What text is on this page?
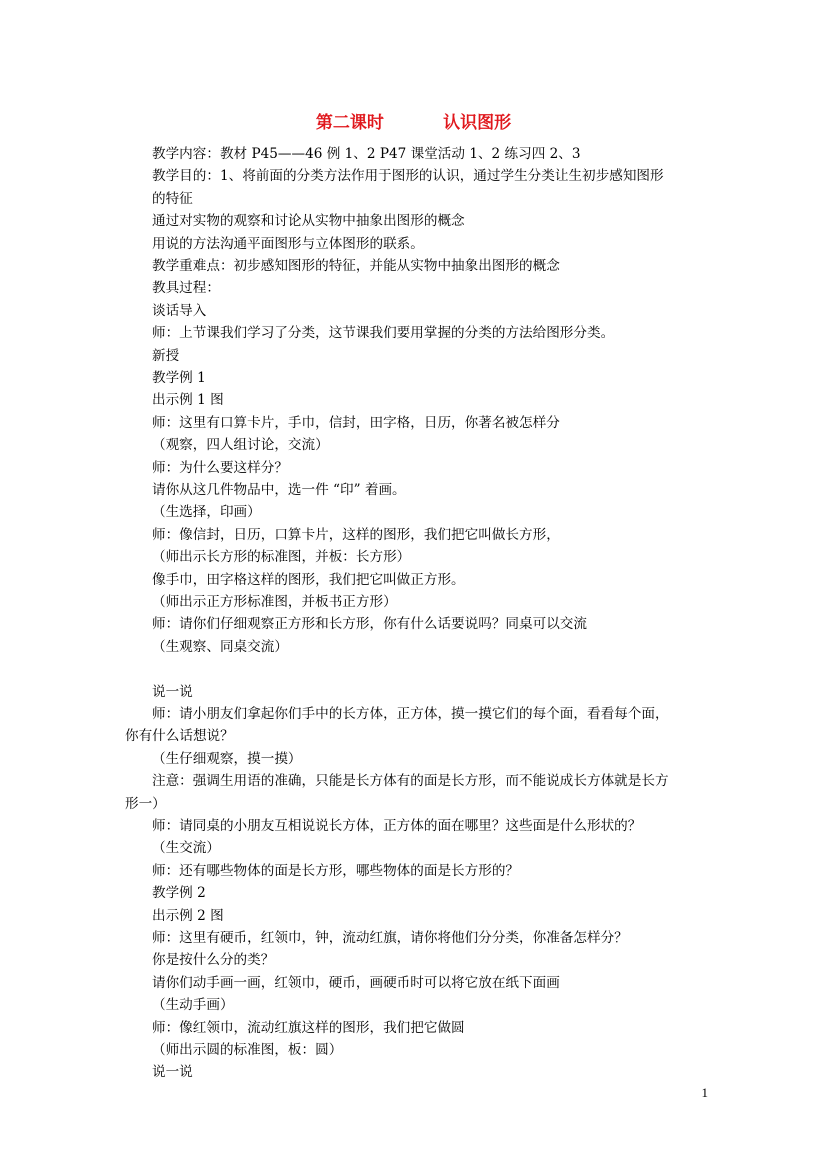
第二课时          认识图形
教学内容：教材 P45——46 例 1、2 P47 课堂活动 1、2 练习四 2、3
教学目的：1、将前面的分类方法作用于图形的认识，通过学生分类让生初步感知图形
的特征
通过对实物的观察和讨论从实物中抽象出图形的概念
用说的方法沟通平面图形与立体图形的联系。
教学重难点：初步感知图形的特征，并能从实物中抽象出图形的概念
教具过程：
谈话导入
师：上节课我们学习了分类，这节课我们要用掌握的分类的方法给图形分类。
新授
教学例 1
出示例 1 图
师：这里有口算卡片，手巾，信封，田字格，日历，你著名被怎样分
（观察，四人组讨论，交流）
师：为什么要这样分？
请你从这几件物品中，选一件 “印” 着画。
（生选择，印画）
师：像信封，日历，口算卡片，这样的图形，我们把它叫做长方形，
（师出示长方形的标准图，并板：长方形）
像手巾，田字格这样的图形，我们把它叫做正方形。
（师出示正方形标准图，并板书正方形）
师：请你们仔细观察正方形和长方形，你有什么话要说吗？同桌可以交流
（生观察、同桌交流）
说一说
师：请小朋友们拿起你们手中的长方体，正方体，摸一摸它们的每个面，看看每个面，
你有什么话想说？
（生仔细观察，摸一摸）
注意：强调生用语的准确，只能是长方体有的面是长方形，而不能说成长方体就是长方
形一）
师：请同桌的小朋友互相说说长方体，正方体的面在哪里？这些面是什么形状的？
（生交流）
师：还有哪些物体的面是长方形，哪些物体的面是长方形的？
教学例 2
出示例 2 图
师：这里有硬币，红领巾，钟，流动红旗，请你将他们分分类，你准备怎样分？
你是按什么分的类？
请你们动手画一画，红领巾，硬币，画硬币时可以将它放在纸下面画
（生动手画）
师：像红领巾，流动红旗这样的图形，我们把它做圆
（师出示圆的标准图，板：圆）
说一说
1
